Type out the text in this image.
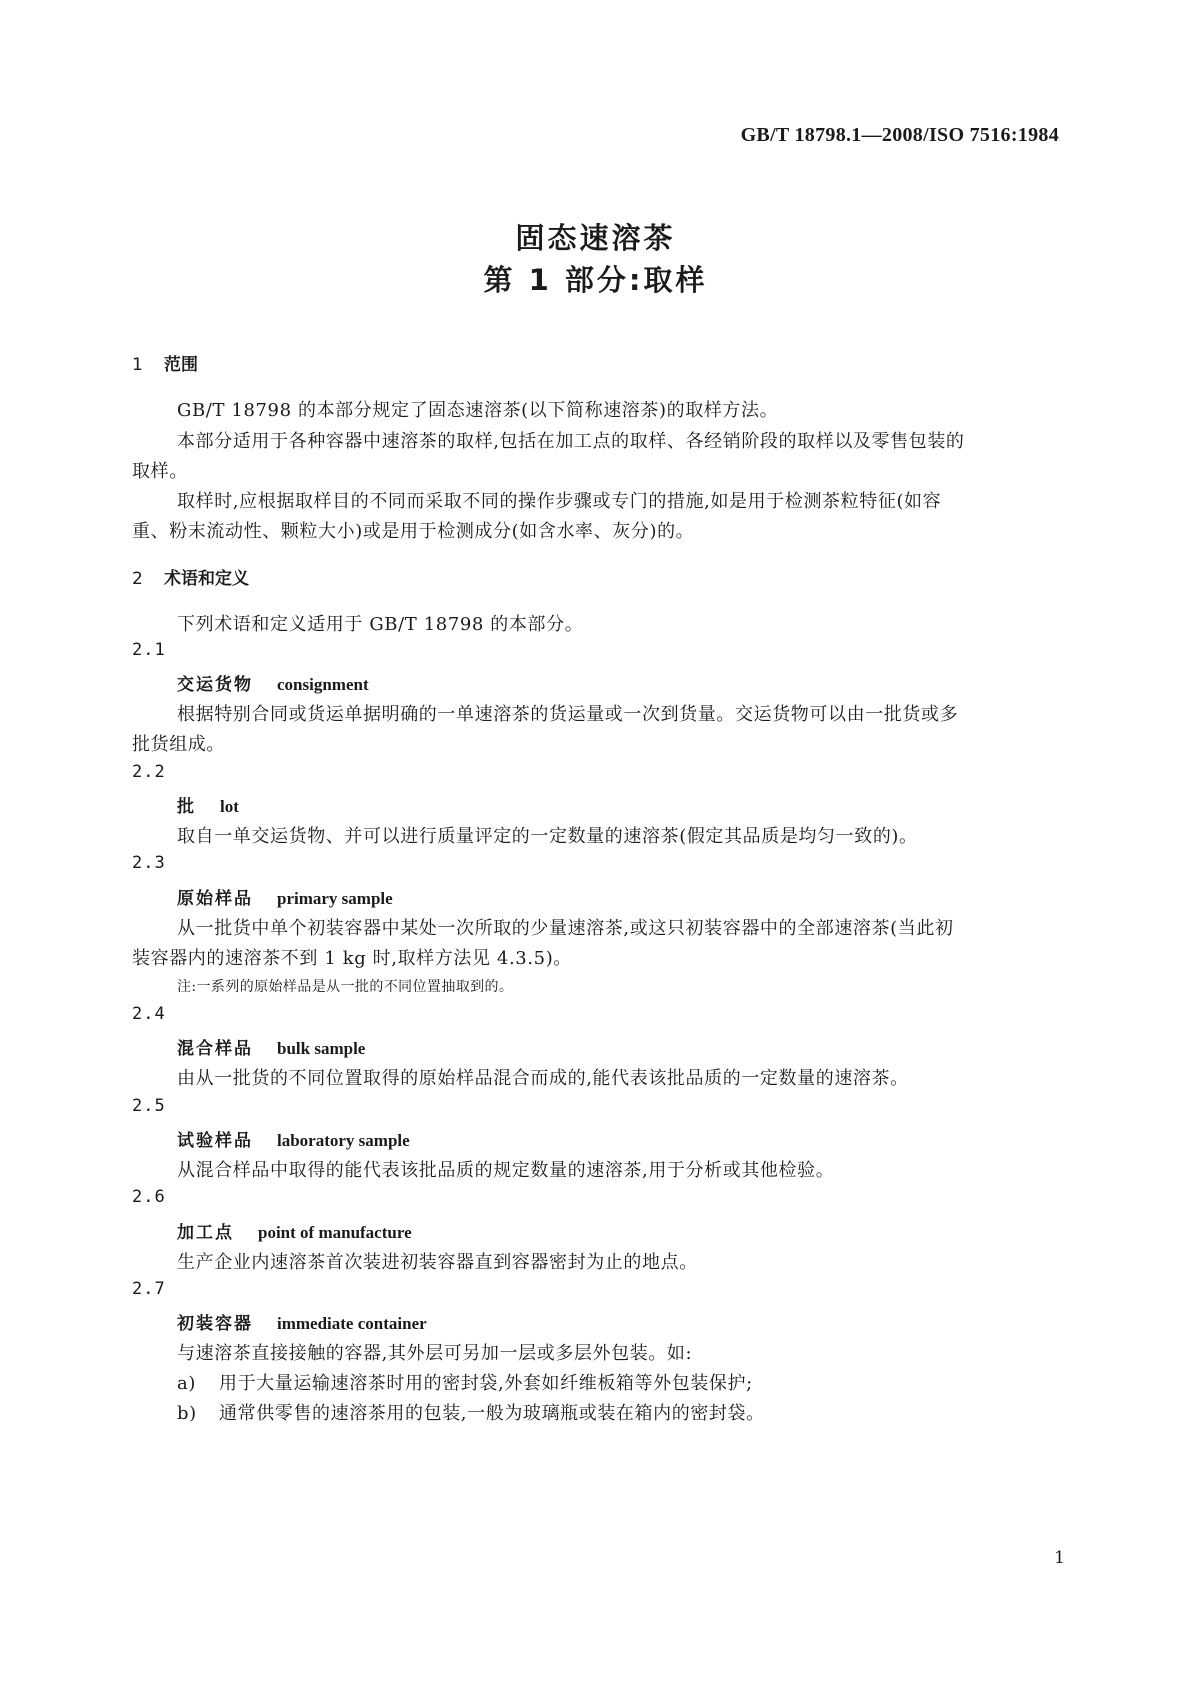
GB/T 18798.1—2008/ISO 7516:1984
固态速溶茶
第 1 部分:取样
1 范围
GB/T 18798 的本部分规定了固态速溶茶(以下简称速溶茶)的取样方法。
本部分适用于各种容器中速溶茶的取样,包括在加工点的取样、各经销阶段的取样以及零售包装的
取样。
取样时,应根据取样目的不同而采取不同的操作步骤或专门的措施,如是用于检测茶粒特征(如容
重、粉末流动性、颗粒大小)或是用于检测成分(如含水率、灰分)的。
2 术语和定义
下列术语和定义适用于 GB/T 18798 的本部分。
2.1
交运货物 consignment
根据特别合同或货运单据明确的一单速溶茶的货运量或一次到货量。交运货物可以由一批货或多
批货组成。
2.2
批 lot
取自一单交运货物、并可以进行质量评定的一定数量的速溶茶(假定其品质是均匀一致的)。
2.3
原始样品 primary sample
从一批货中单个初装容器中某处一次所取的少量速溶茶,或这只初装容器中的全部速溶茶(当此初
装容器内的速溶茶不到 1 kg 时,取样方法见 4.3.5)。
注:一系列的原始样品是从一批的不同位置抽取到的。
2.4
混合样品 bulk sample
由从一批货的不同位置取得的原始样品混合而成的,能代表该批品质的一定数量的速溶茶。
2.5
试验样品 laboratory sample
从混合样品中取得的能代表该批品质的规定数量的速溶茶,用于分析或其他检验。
2.6
加工点 point of manufacture
生产企业内速溶茶首次装进初装容器直到容器密封为止的地点。
2.7
初装容器 immediate container
与速溶茶直接接触的容器,其外层可另加一层或多层外包装。如:
a) 用于大量运输速溶茶时用的密封袋,外套如纤维板箱等外包装保护;
b) 通常供零售的速溶茶用的包装,一般为玻璃瓶或装在箱内的密封袋。
1
